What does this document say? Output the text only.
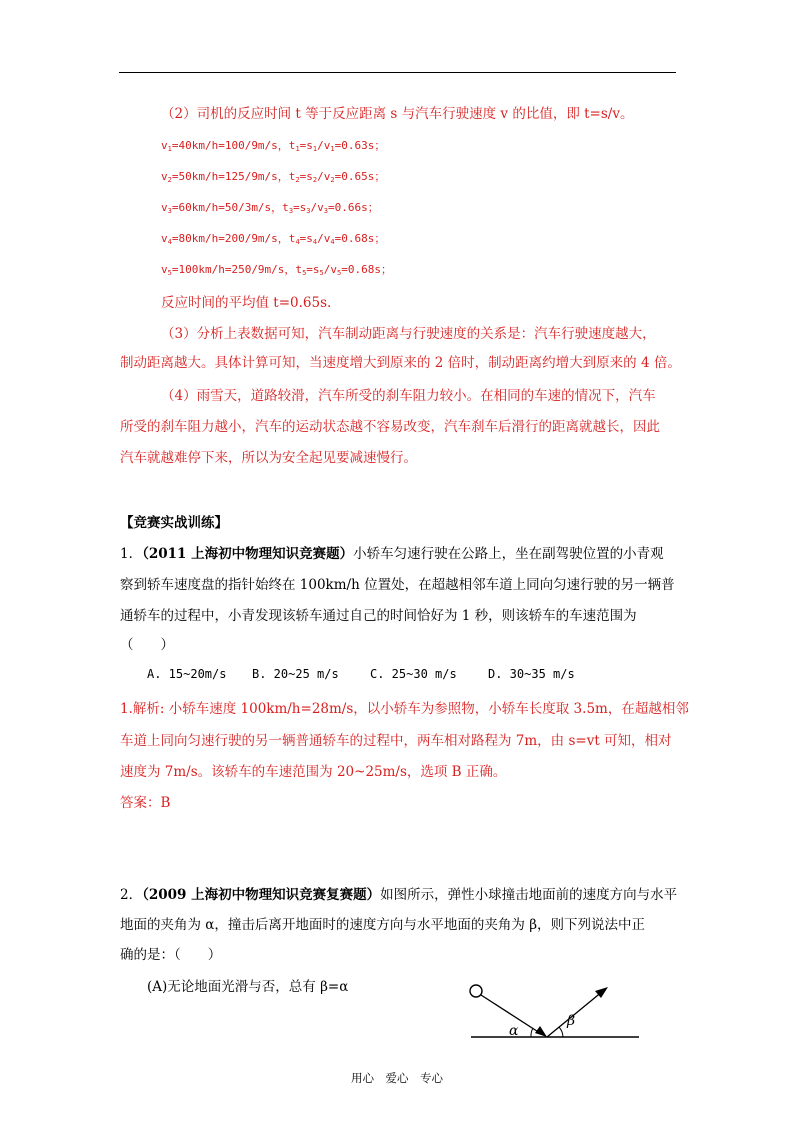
（2）司机的反应时间 t 等于反应距离 s 与汽车行驶速度 v 的比值，即 t=s/v。
$v_1=40km/h=100/9m/s$，$t_1=s_1/v_1=0.63s$；
$v_2=50km/h=125/9m/s$，$t_2=s_2/v_2=0.65s$；
$v_3=60km/h=50/3m/s$，$t_3=s_3/v_3=0.66s$；
$v_4=80km/h=200/9m/s$，$t_4=s_4/v_4=0.68s$；
$v_5=100km/h=250/9m/s$，$t_5=s_5/v_5=0.68s$；
反应时间的平均值 t=0.65s.
（3）分析上表数据可知，汽车制动距离与行驶速度的关系是：汽车行驶速度越大，
制动距离越大。具体计算可知，当速度增大到原来的 2 倍时，制动距离约增大到原来的 4 倍。
（4）雨雪天，道路较滑，汽车所受的刹车阻力较小。在相同的车速的情况下，汽车
所受的刹车阻力越小，汽车的运动状态越不容易改变，汽车刹车后滑行的距离就越长，因此
汽车就越难停下来，所以为安全起见要减速慢行。
【竞赛实战训练】
1．（2011 上海初中物理知识竞赛题）小轿车匀速行驶在公路上，坐在副驾驶位置的小青观
察到轿车速度盘的指针始终在 100km/h 位置处，在超越相邻车道上同向匀速行驶的另一辆普
通轿车的过程中，小青发现该轿车通过自己的时间恰好为 1 秒，则该轿车的车速范围为
（　　）
A. 15~20m/s B. 20~25 m/s	C. 25~30 m/s	D. 30~35 m/s
1.解析: 小轿车速度 100km/h=28m/s，以小轿车为参照物，小轿车长度取 3.5m，在超越相邻
车道上同向匀速行驶的另一辆普通轿车的过程中，两车相对路程为 7m，由 s=vt 可知，相对
速度为 7m/s。该轿车的车速范围为 20~25m/s，选项 B 正确。
答案：B
2．（2009 上海初中物理知识竞赛复赛题）如图所示，弹性小球撞击地面前的速度方向与水平
地面的夹角为 α，撞击后离开地面时的速度方向与水平地面的夹角为 β，则下列说法中正
确的是：（　　）
(A)无论地面光滑与否，总有 β=α
α
β
用心　爱心　专心
